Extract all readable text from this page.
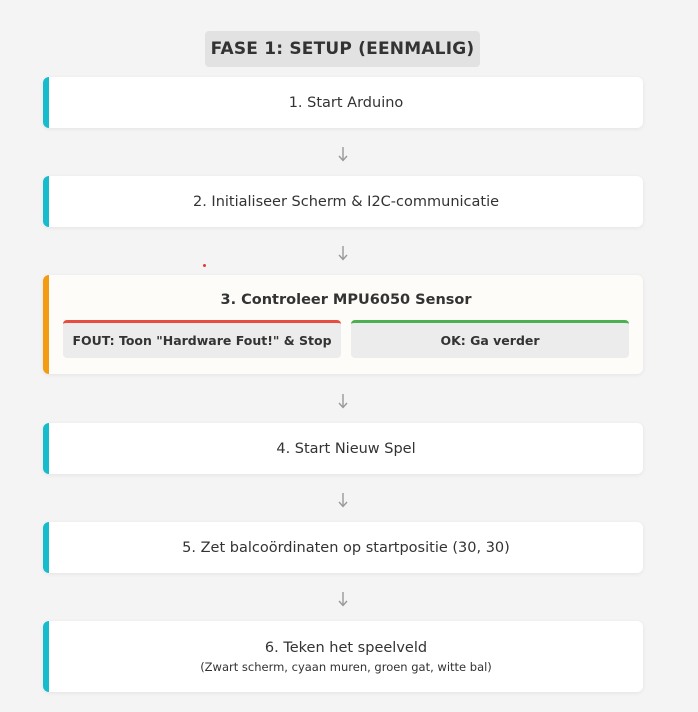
FASE 1: SETUP (EENMALIG)
1. Start Arduino
2. Initialiseer Scherm & I2C-communicatie
3. Controleer MPU6050 Sensor
FOUT: Toon "Hardware Fout!" & Stop	OK: Ga verder
4. Start Nieuw Spel
5. Zet balcoördinaten op startpositie (30, 30)
6. Teken het speelveld
(Zwart scherm, cyaan muren, groen gat, witte bal)
